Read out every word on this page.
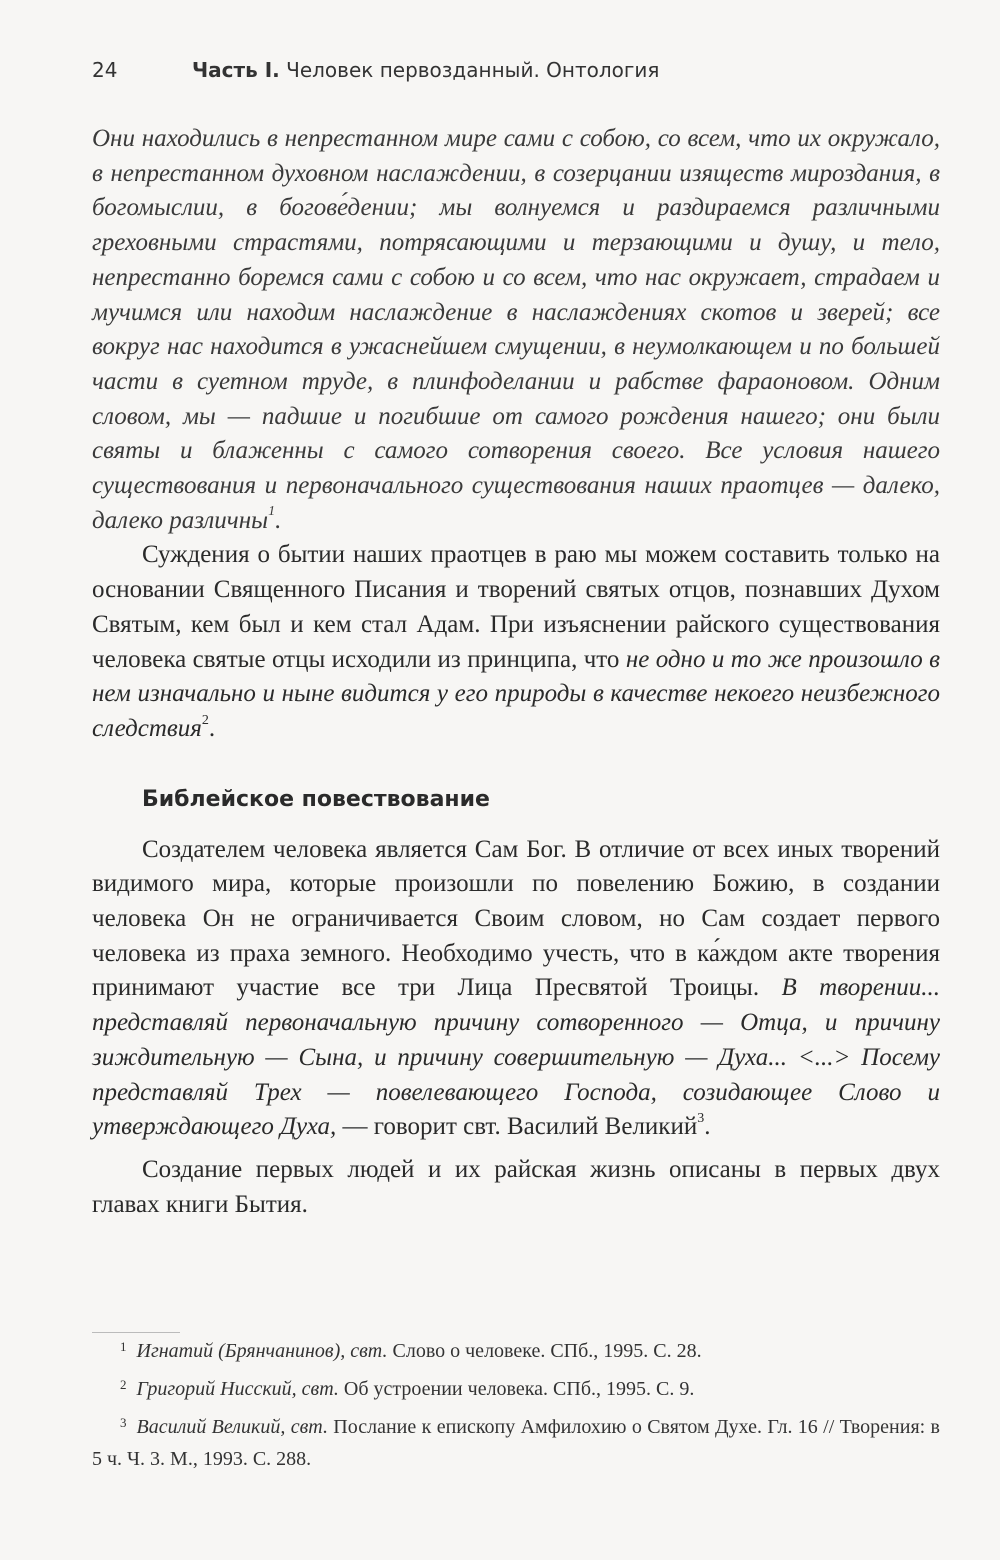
24	Часть I. Человек первозданный. Онтология

Они находились в непрестанном мире сами с собою, со всем, что их окружало, в непрестанном духовном наслаждении, в созерцании изяществ мироздания, в богомыслии, в богове́дении; мы волнуемся и раздираемся различными греховными страстями, потрясающими и терзающими и душу, и тело, непрестанно боремся сами с собою и со всем, что нас окружает, страдаем и мучимся или находим наслаждение в наслаждениях скотов и зверей; все вокруг нас находится в ужаснейшем смущении, в неумолкающем и по большей части в суетном труде, в плинфоделании и рабстве фараоновом. Одним словом, мы — падшие и погибшие от самого рождения нашего; они были святы и блаженны с самого сотворения своего. Все условия нашего существования и первоначального существования наших праотцев — далеко, далеко различны$^1$.

Суждения о бытии наших праотцев в раю мы можем составить только на основании Священного Писания и творений святых отцов, познавших Духом Святым, кем был и кем стал Адам. При изъяснении райского существования человека святые отцы исходили из принципа, что не одно и то же произошло в нем изначально и ныне видится у его природы в качестве некоего неизбежного следствия$^2$.

Библейское повествование

Создателем человека является Сам Бог. В отличие от всех иных творений видимого мира, которые произошли по повелению Божию, в создании человека Он не ограничивается Своим словом, но Сам создает первого человека из праха земного. Необходимо учесть, что в ка́ждом акте творения принимают участие все три Лица Пресвятой Троицы. В творении... представляй первоначальную причину сотворенного — Отца, и причину зиждительную — Сына, и причину совершительную — Духа... <...> Посему представляй Трех — повелевающего Господа, созидающее Слово и утверждающего Духа, — говорит свт. Василий Великий$^3$.

Создание первых людей и их райская жизнь описаны в первых двух главах книги Бытия.

$^1$ Игнатий (Брянчанинов), свт. Слово о человеке. СПб., 1995. С. 28.

$^2$ Григорий Нисский, свт. Об устроении человека. СПб., 1995. С. 9.

$^3$ Василий Великий, свт. Послание к епископу Амфилохию о Святом Духе. Гл. 16 // Творения: в 5 ч. Ч. 3. М., 1993. С. 288.
